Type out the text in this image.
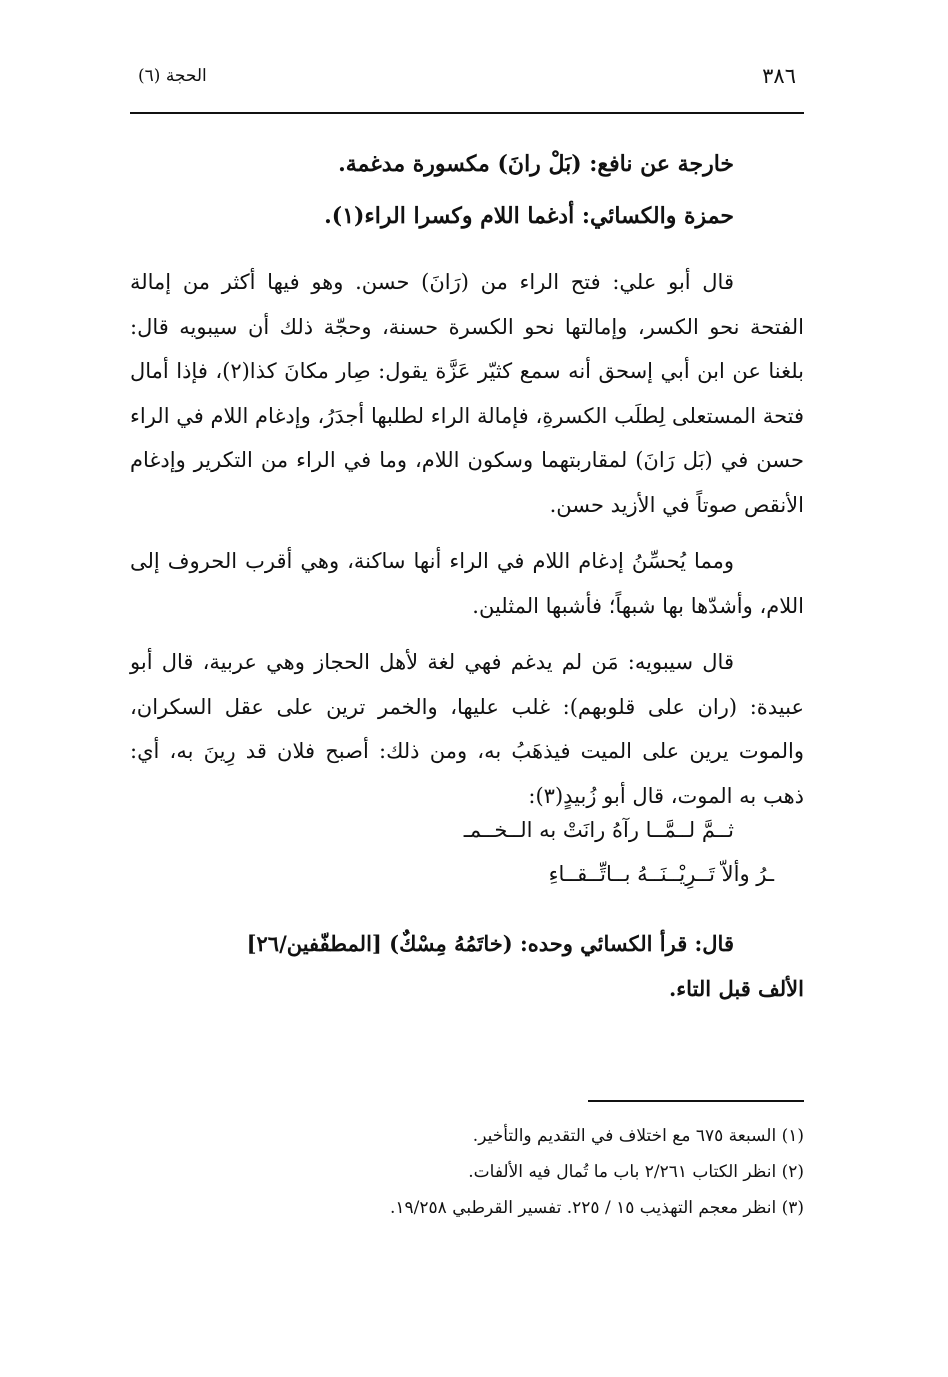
٣٨٦
الحجة (٦)
خارجة عن نافع: (بَلْ رانَ) مكسورة مدغمة.
حمزة والكسائي: أدغما اللام وكسرا الراء(١).

قال أبو علي: فتح الراء من (رَانَ) حسن. وهو فيها أكثر من إمالة الفتحة نحو الكسر، وإمالتها نحو الكسرة حسنة، وحجّة ذلك أن سيبويه قال: بلغنا عن ابن أبي إسحق أنه سمع كثيّر عَزَّة يقول: صِار مكانَ كذا(٢)، فإذا أمال فتحة المستعلى لِطلَب الكسرةِ، فإمالة الراء لطلبها أجدَرُ، وإدغام اللام في الراء حسن في (بَل رَانَ) لمقاربتهما وسكون اللام، وما في الراء من التكرير وإدغام الأنقص صوتاً في الأزيد حسن.

ومما يُحسِّنُ إدغام اللام في الراء أنها ساكنة، وهي أقرب الحروف إلى اللام، وأشدّها بها شبهاً؛ فأشبها المثلين.

قال سيبويه: مَن لم يدغم فهي لغة لأهل الحجاز وهي عربية، قال أبو عبيدة: (ران على قلوبهم): غلب عليها، والخمر ترين على عقل السكران، والموت يرين على الميت فيذهَبُ به، ومن ذلك: أصبح فلان قد رِينَ به، أي: ذهب به الموت، قال أبو زُبيدٍ(٣):

ثــمَّ لــمَّــا رآهُ رانَتْ به الــخــمـ
ـرُ وألاّ تَــرِيْــنَــهُ بــاتِّــقــاءِ
قال: قرأ الكسائي وحده: (خاتَمُهُ مِسْكٌ) [المطفّفين/٢٦]
الألف قبل التاء.
(١) السبعة ٦٧٥ مع اختلاف في التقديم والتأخير.
(٢) انظر الكتاب ٢/٢٦١ باب ما تُمال فيه الألفات.
(٣) انظر معجم التهذيب ١٥ / ٢٢٥. تفسير القرطبي ١٩/٢٥٨.
